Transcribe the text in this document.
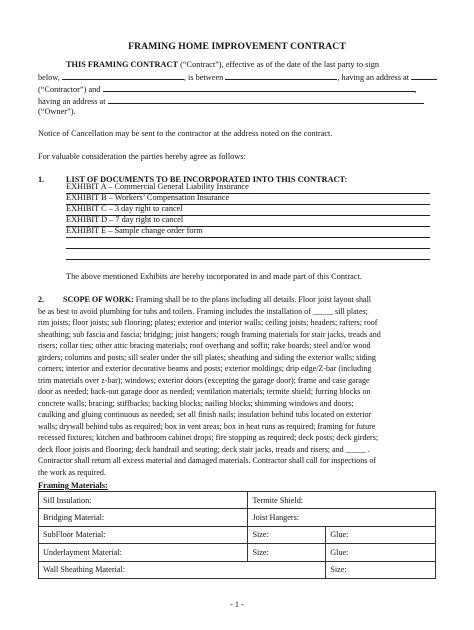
FRAMING HOME IMPROVEMENT CONTRACT
THIS FRAMING CONTRACT (“Contract”), effective as of the date of the last party to sign
below,	, is between	, having an address at
(“Contractor”) and	,
having an address at
(“Owner”).
Notice of Cancellation may be sent to the contractor at the address noted on the contract.
For valuable consideration the parties hereby agree as follows:
1.	LIST OF DOCUMENTS TO BE INCORPORATED INTO THIS CONTRACT:
EXHIBIT A – Commercial General Liability Insurance
EXHIBIT B – Workers’ Compensation Insurance
EXHIBIT C – 3 day right to cancel
EXHIBIT D – 7 day right to cancel
EXHIBIT E – Sample change order form
The above mentioned Exhibits are hereby incorporated in and made part of this Contract.
2. SCOPE OF WORK: Framing shall be to the plans including all details. Floor joist layout shall
be as best to avoid plumbing for tubs and toilets. Framing includes the installation of _____ sill plates;
rim joists; floor joists; sub flooring; plates; exterior and interior walls; ceiling joists; headers; rafters; roof
sheathing; sub fascia and fascia; bridging; joist hangers; rough framing materials for stair jacks, treads and
risers; collar ties; other attic bracing materials; roof overhang and soffit; rake boards; steel and/or wood
girders; columns and posts; sill sealer under the sill plates; sheathing and siding the exterior walls; siding
corners; interior and exterior decorative beams and posts; exterior moldings; drip edge/Z-bar (including
trim materials over z-bar); windows; exterior doors (excepting the garage door); frame and case garage
door as needed; back-out garage door as needed; ventilation materials; termite shield; furring blocks on
concrete walls; bracing; stiffbacks; backing blocks; nailing blocks; shimming windows and doors;
caulking and gluing continuous as needed; set all finish nails; insulation behind tubs located on exterior
walls; drywall behind tubs as required; box in vent areas; box in heat runs as required; framing for future
recessed fixtures; kitchen and bathroom cabinet drops; fire stopping as required; deck posts; deck girders;
deck floor joists and flooring; deck handrail and seating; deck stair jacks, treads and risers; and _____ .
Contractor shall return all excess material and damaged materials. Contractor shall call for inspections of
the work as required.
Framing Materials:
Sill Insulation:	Termite Shield:	
Bridging Material:	Joist Hangers:	
SubFloor Material:	Size:	Glue:
Underlayment Material:	Size:	Glue:
Wall Sheathing Material:		Size:
- 1 -
